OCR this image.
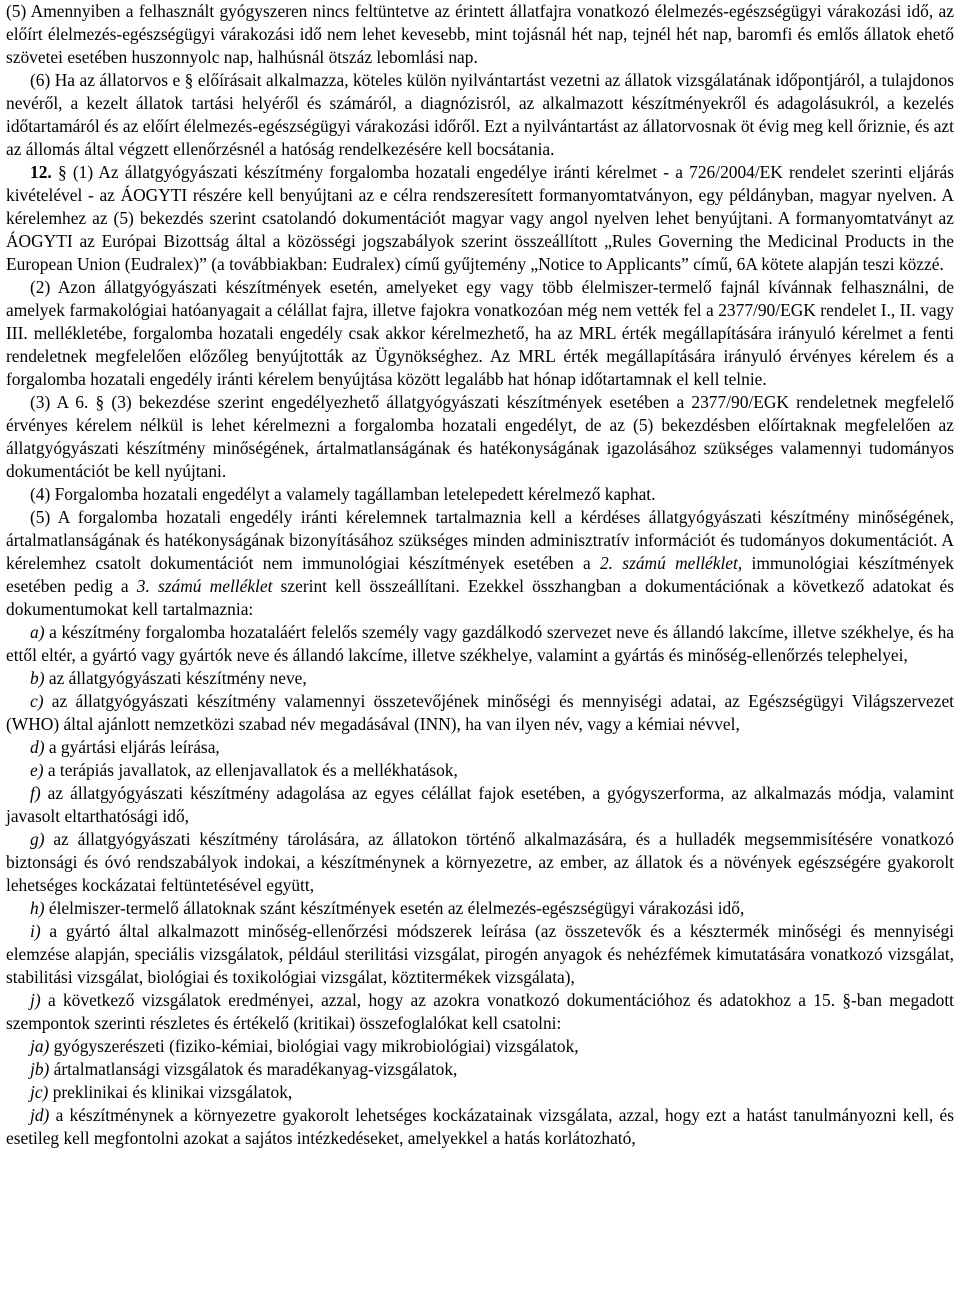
(5) Amennyiben a felhasznált gyógyszeren nincs feltüntetve az érintett állatfajra vonatkozó élelmezés-egészségügyi várakozási idő, az előírt élelmezés-egészségügyi várakozási idő nem lehet kevesebb, mint tojásnál hét nap, tejnél hét nap, baromfi és emlős állatok ehető szövetei esetében huszonnyolc nap, halhúsnál ötszáz lebomlási nap.

(6) Ha az állatorvos e § előírásait alkalmazza, köteles külön nyilvántartást vezetni az állatok vizsgálatának időpontjáról, a tulajdonos nevéről, a kezelt állatok tartási helyéről és számáról, a diagnózisról, az alkalmazott készítményekről és adagolásukról, a kezelés időtartamáról és az előírt élelmezés-egészségügyi várakozási időről. Ezt a nyilvántartást az állatorvosnak öt évig meg kell őriznie, és azt az állomás által végzett ellenőrzésnél a hatóság rendelkezésére kell bocsátania.

12. § (1) Az állatgyógyászati készítmény forgalomba hozatali engedélye iránti kérelmet - a 726/2004/EK rendelet szerinti eljárás kivételével - az ÁOGYTI részére kell benyújtani az e célra rendszeresített formanyomtatványon, egy példányban, magyar nyelven. A kérelemhez az (5) bekezdés szerint csatolandó dokumentációt magyar vagy angol nyelven lehet benyújtani. A formanyomtatványt az ÁOGYTI az Európai Bizottság által a közösségi jogszabályok szerint összeállított „Rules Governing the Medicinal Products in the European Union (Eudralex)” (a továbbiakban: Eudralex) című gyűjtemény „Notice to Applicants” című, 6A kötete alapján teszi közzé.

(2) Azon állatgyógyászati készítmények esetén, amelyeket egy vagy több élelmiszer-termelő fajnál kívánnak felhasználni, de amelyek farmakológiai hatóanyagait a célállat fajra, illetve fajokra vonatkozóan még nem vették fel a 2377/90/EGK rendelet I., II. vagy III. mellékletébe, forgalomba hozatali engedély csak akkor kérelmezhető, ha az MRL érték megállapítására irányuló kérelmet a fenti rendeletnek megfelelően előzőleg benyújtották az Ügynökséghez. Az MRL érték megállapítására irányuló érvényes kérelem és a forgalomba hozatali engedély iránti kérelem benyújtása között legalább hat hónap időtartamnak el kell telnie.

(3) A 6. § (3) bekezdése szerint engedélyezhető állatgyógyászati készítmények esetében a 2377/90/EGK rendeletnek megfelelő érvényes kérelem nélkül is lehet kérelmezni a forgalomba hozatali engedélyt, de az (5) bekezdésben előírtaknak megfelelően az állatgyógyászati készítmény minőségének, ártalmatlanságának és hatékonyságának igazolásához szükséges valamennyi tudományos dokumentációt be kell nyújtani.

(4) Forgalomba hozatali engedélyt a valamely tagállamban letelepedett kérelmező kaphat.

(5) A forgalomba hozatali engedély iránti kérelemnek tartalmaznia kell a kérdéses állatgyógyászati készítmény minőségének, ártalmatlanságának és hatékonyságának bizonyításához szükséges minden adminisztratív információt és tudományos dokumentációt. A kérelemhez csatolt dokumentációt nem immunológiai készítmények esetében a 2. számú melléklet, immunológiai készítmények esetében pedig a 3. számú melléklet szerint kell összeállítani. Ezekkel összhangban a dokumentációnak a következő adatokat és dokumentumokat kell tartalmaznia:

a) a készítmény forgalomba hozataláért felelős személy vagy gazdálkodó szervezet neve és állandó lakcíme, illetve székhelye, és ha ettől eltér, a gyártó vagy gyártók neve és állandó lakcíme, illetve székhelye, valamint a gyártás és minőség-ellenőrzés telephelyei,

b) az állatgyógyászati készítmény neve,

c) az állatgyógyászati készítmény valamennyi összetevőjének minőségi és mennyiségi adatai, az Egészségügyi Világszervezet (WHO) által ajánlott nemzetközi szabad név megadásával (INN), ha van ilyen név, vagy a kémiai névvel,

d) a gyártási eljárás leírása,

e) a terápiás javallatok, az ellenjavallatok és a mellékhatások,

f) az állatgyógyászati készítmény adagolása az egyes célállat fajok esetében, a gyógyszerforma, az alkalmazás módja, valamint javasolt eltarthatósági idő,

g) az állatgyógyászati készítmény tárolására, az állatokon történő alkalmazására, és a hulladék megsemmisítésére vonatkozó biztonsági és óvó rendszabályok indokai, a készítménynek a környezetre, az ember, az állatok és a növények egészségére gyakorolt lehetséges kockázatai feltüntetésével együtt,

h) élelmiszer-termelő állatoknak szánt készítmények esetén az élelmezés-egészségügyi várakozási idő,

i) a gyártó által alkalmazott minőség-ellenőrzési módszerek leírása (az összetevők és a késztermék minőségi és mennyiségi elemzése alapján, speciális vizsgálatok, például sterilitási vizsgálat, pirogén anyagok és nehézfémek kimutatására vonatkozó vizsgálat, stabilitási vizsgálat, biológiai és toxikológiai vizsgálat, köztitermékek vizsgálata),

j) a következő vizsgálatok eredményei, azzal, hogy az azokra vonatkozó dokumentációhoz és adatokhoz a 15. §-ban megadott szempontok szerinti részletes és értékelő (kritikai) összefoglalókat kell csatolni:

ja) gyógyszerészeti (fiziko-kémiai, biológiai vagy mikrobiológiai) vizsgálatok,

jb) ártalmatlansági vizsgálatok és maradékanyag-vizsgálatok,

jc) preklinikai és klinikai vizsgálatok,

jd) a készítménynek a környezetre gyakorolt lehetséges kockázatainak vizsgálata, azzal, hogy ezt a hatást tanulmányozni kell, és esetileg kell megfontolni azokat a sajátos intézkedéseket, amelyekkel a hatás korlátozható,
